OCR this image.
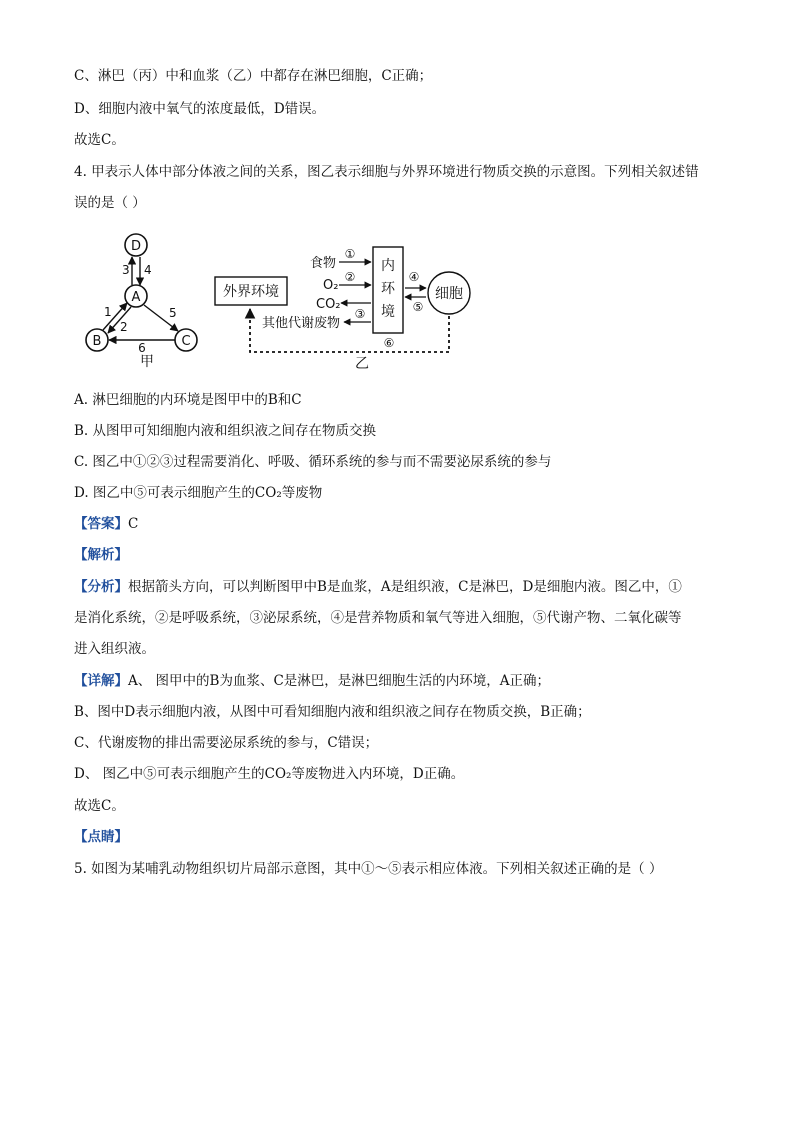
C、淋巴（丙）中和血浆（乙）中都存在淋巴细胞，C正确；
D、细胞内液中氧气的浓度最低，D错误。
故选C。
4. 甲表示人体中部分体液之间的关系，图乙表示细胞与外界环境进行物质交换的示意图。下列相关叙述错
误的是（ ）
D
A
B	C
3 4
1
2
5
6
甲
外界环境
内
环
境
细胞
食物
①
O₂
②
CO₂
其他代谢废物
③
④
⑤
⑥
乙
A. 淋巴细胞的内环境是图甲中的B和C
B. 从图甲可知细胞内液和组织液之间存在物质交换
C. 图乙中①②③过程需要消化、呼吸、循环系统的参与而不需要泌尿系统的参与
D. 图乙中⑤可表示细胞产生的CO₂等废物
【答案】C
【解析】
【分析】根据箭头方向，可以判断图甲中B是血浆，A是组织液，C是淋巴，D是细胞内液。图乙中，①
是消化系统，②是呼吸系统，③泌尿系统，④是营养物质和氧气等进入细胞，⑤代谢产物、二氧化碳等
进入组织液。
【详解】A、 图甲中的B为血浆、C是淋巴，是淋巴细胞生活的内环境，A正确；
B、图中D表示细胞内液，从图中可看知细胞内液和组织液之间存在物质交换，B正确；
C、代谢废物的排出需要泌尿系统的参与，C错误；
D、 图乙中⑤可表示细胞产生的CO₂等废物进入内环境，D正确。
故选C。
【点睛】
5. 如图为某哺乳动物组织切片局部示意图，其中①～⑤表示相应体液。下列相关叙述正确的是（ ）
